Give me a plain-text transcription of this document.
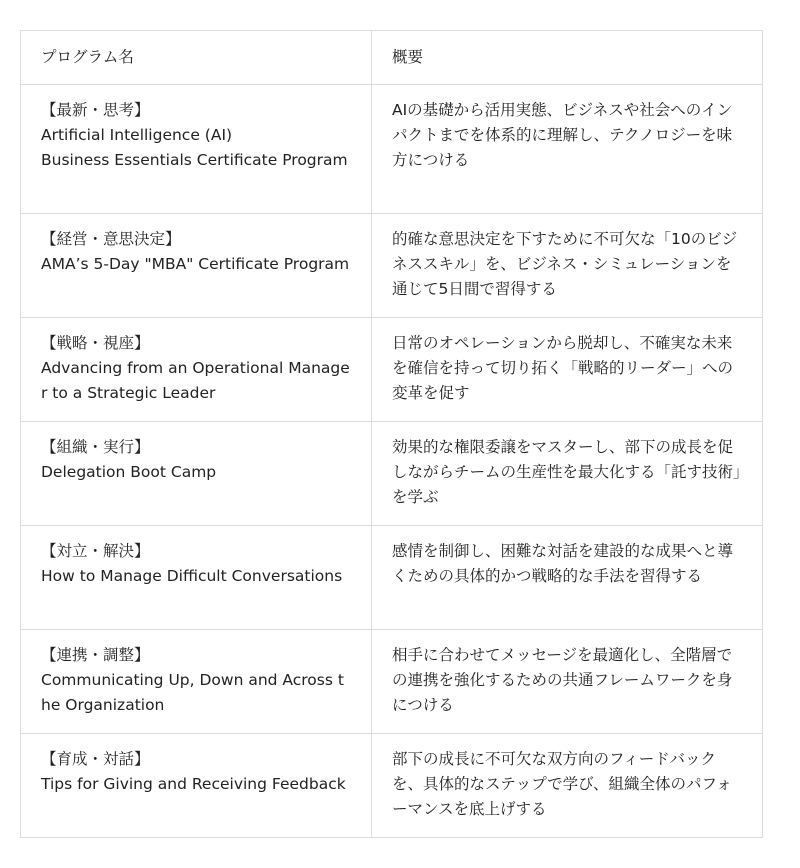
プログラム名	概要

【最新・思考】
Artificial Intelligence (AI)
Business Essentials Certificate Program	AIの基礎から活用実態、ビジネスや社会へのインパクトまでを体系的に理解し、テクノロジーを味方につける

【経営・意思決定】
AMA’s 5-Day "MBA" Certificate Program	的確な意思決定を下すために不可欠な「10のビジネススキル」を、ビジネス・シミュレーションを通じて5日間で習得する

【戦略・視座】
Advancing from an Operational Manager to a Strategic Leader	日常のオペレーションから脱却し、不確実な未来を確信を持って切り拓く「戦略的リーダー」への変革を促す

【組織・実行】
Delegation Boot Camp	効果的な権限委譲をマスターし、部下の成長を促しながらチームの生産性を最大化する「託す技術」を学ぶ

【対立・解決】
How to Manage Difficult Conversations	感情を制御し、困難な対話を建設的な成果へと導くための具体的かつ戦略的な手法を習得する

【連携・調整】
Communicating Up, Down and Across the Organization	相手に合わせてメッセージを最適化し、全階層での連携を強化するための共通フレームワークを身につける

【育成・対話】
Tips for Giving and Receiving Feedback	部下の成長に不可欠な双方向のフィードバックを、具体的なステップで学び、組織全体のパフォーマンスを底上げする
